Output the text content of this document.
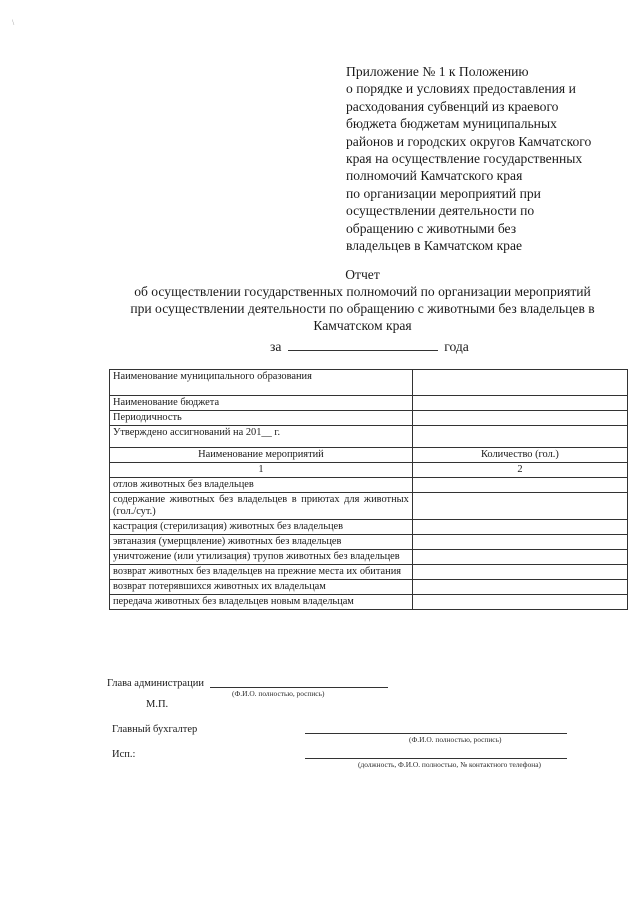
\
Приложение № 1 к Положению
о порядке и условиях предоставления и
расходования субвенций из краевого
бюджета бюджетам муниципальных
районов и городских округов Камчатского
края на осуществление государственных
полномочий Камчатского края
по организации мероприятий при
осуществлении деятельности по
обращению с животными без
владельцев в Камчатском крае
Отчет
об осуществлении государственных полномочий по организации мероприятий
при осуществлении деятельности по обращению с животными без владельцев в
Камчатском края
за	года
Наименование муниципального образования	
Наименование бюджета	
Периодичность	
Утверждено ассигнований на 201__ г.	
Наименование мероприятий	Количество (гол.)
1	2
отлов животных без владельцев	
содержание животных без владельцев в приютах для животных (гол./сут.)	
кастрация (стерилизация) животных без владельцев	
эвтаназия (умерщвление) животных без владельцев	
уничтожение (или утилизация) трупов животных без владельцев	
возврат животных без владельцев на прежние места их обитания	
возврат потерявшихся животных их владельцам	
передача животных без владельцев новым владельцам	
Глава администрации
(Ф.И.О. полностью, роспись)
М.П.
Главный бухгалтер
(Ф.И.О. полностью, роспись)
Исп.:
(должность, Ф.И.О. полностью, № контактного телефона)
